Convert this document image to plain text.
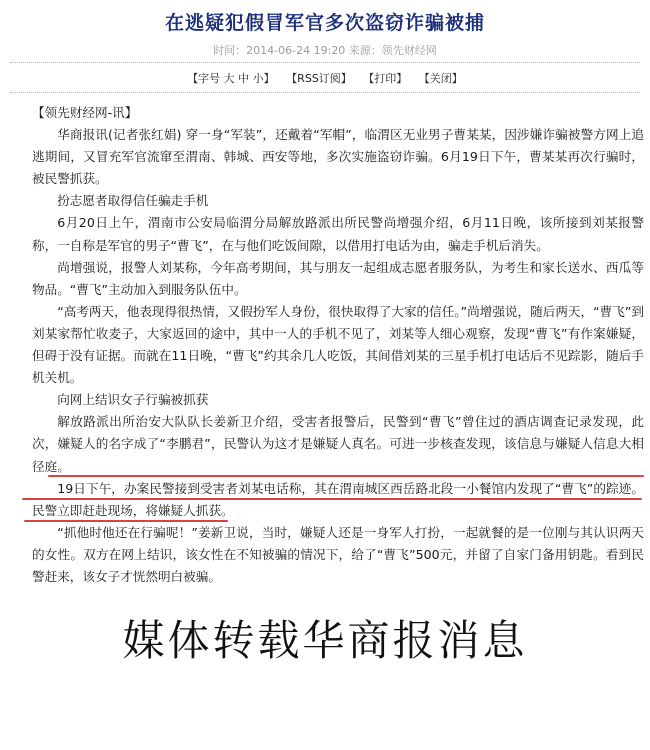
在逃疑犯假冒军官多次盗窃诈骗被捕
时间：2014-06-24 19:20 来源：领先财经网
【字号 大 中 小】 【RSS订阅】 【打印】 【关闭】

【领先财经网-讯】

华商报讯(记者张红娟) 穿一身“军装”，还戴着“军帽”，临渭区无业男子曹某某，因涉嫌诈骗被警方网上追逃期间，又冒充军官流窜至渭南、韩城、西安等地，多次实施盗窃诈骗。6月19日下午，曹某某再次行骗时，被民警抓获。

扮志愿者取得信任骗走手机

6月20日上午，渭南市公安局临渭分局解放路派出所民警尚增强介绍，6月11日晚，该所接到刘某报警称，一自称是军官的男子“曹飞”，在与他们吃饭间隙，以借用打电话为由，骗走手机后消失。

尚增强说，报警人刘某称，今年高考期间，其与朋友一起组成志愿者服务队，为考生和家长送水、西瓜等物品。“曹飞”主动加入到服务队伍中。

“高考两天，他表现得很热情，又假扮军人身份，很快取得了大家的信任。”尚增强说，随后两天，“曹飞”到刘某家帮忙收麦子，大家返回的途中，其中一人的手机不见了，刘某等人细心观察，发现“曹飞”有作案嫌疑，但碍于没有证据。而就在11日晚，“曹飞”约其余几人吃饭，其间借刘某的三星手机打电话后不见踪影，随后手机关机。

向网上结识女子行骗被抓获

解放路派出所治安大队队长姜新卫介绍，受害者报警后，民警到“曹飞”曾住过的酒店调查记录发现，此次，嫌疑人的名字成了“李鹏君”，民警认为这才是嫌疑人真名。可进一步核查发现，该信息与嫌疑人信息大相径庭。

19日下午，办案民警接到受害者刘某电话称，其在渭南城区西岳路北段一小餐馆内发现了“曹飞”的踪迹。民警立即赶赴现场，将嫌疑人抓获。

“抓他时他还在行骗呢！”姜新卫说，当时，嫌疑人还是一身军人打扮，一起就餐的是一位刚与其认识两天的女性。双方在网上结识，该女性在不知被骗的情况下，给了“曹飞”500元，并留了自家门备用钥匙。看到民警赶来，该女子才恍然明白被骗。

媒体转载华商报消息
